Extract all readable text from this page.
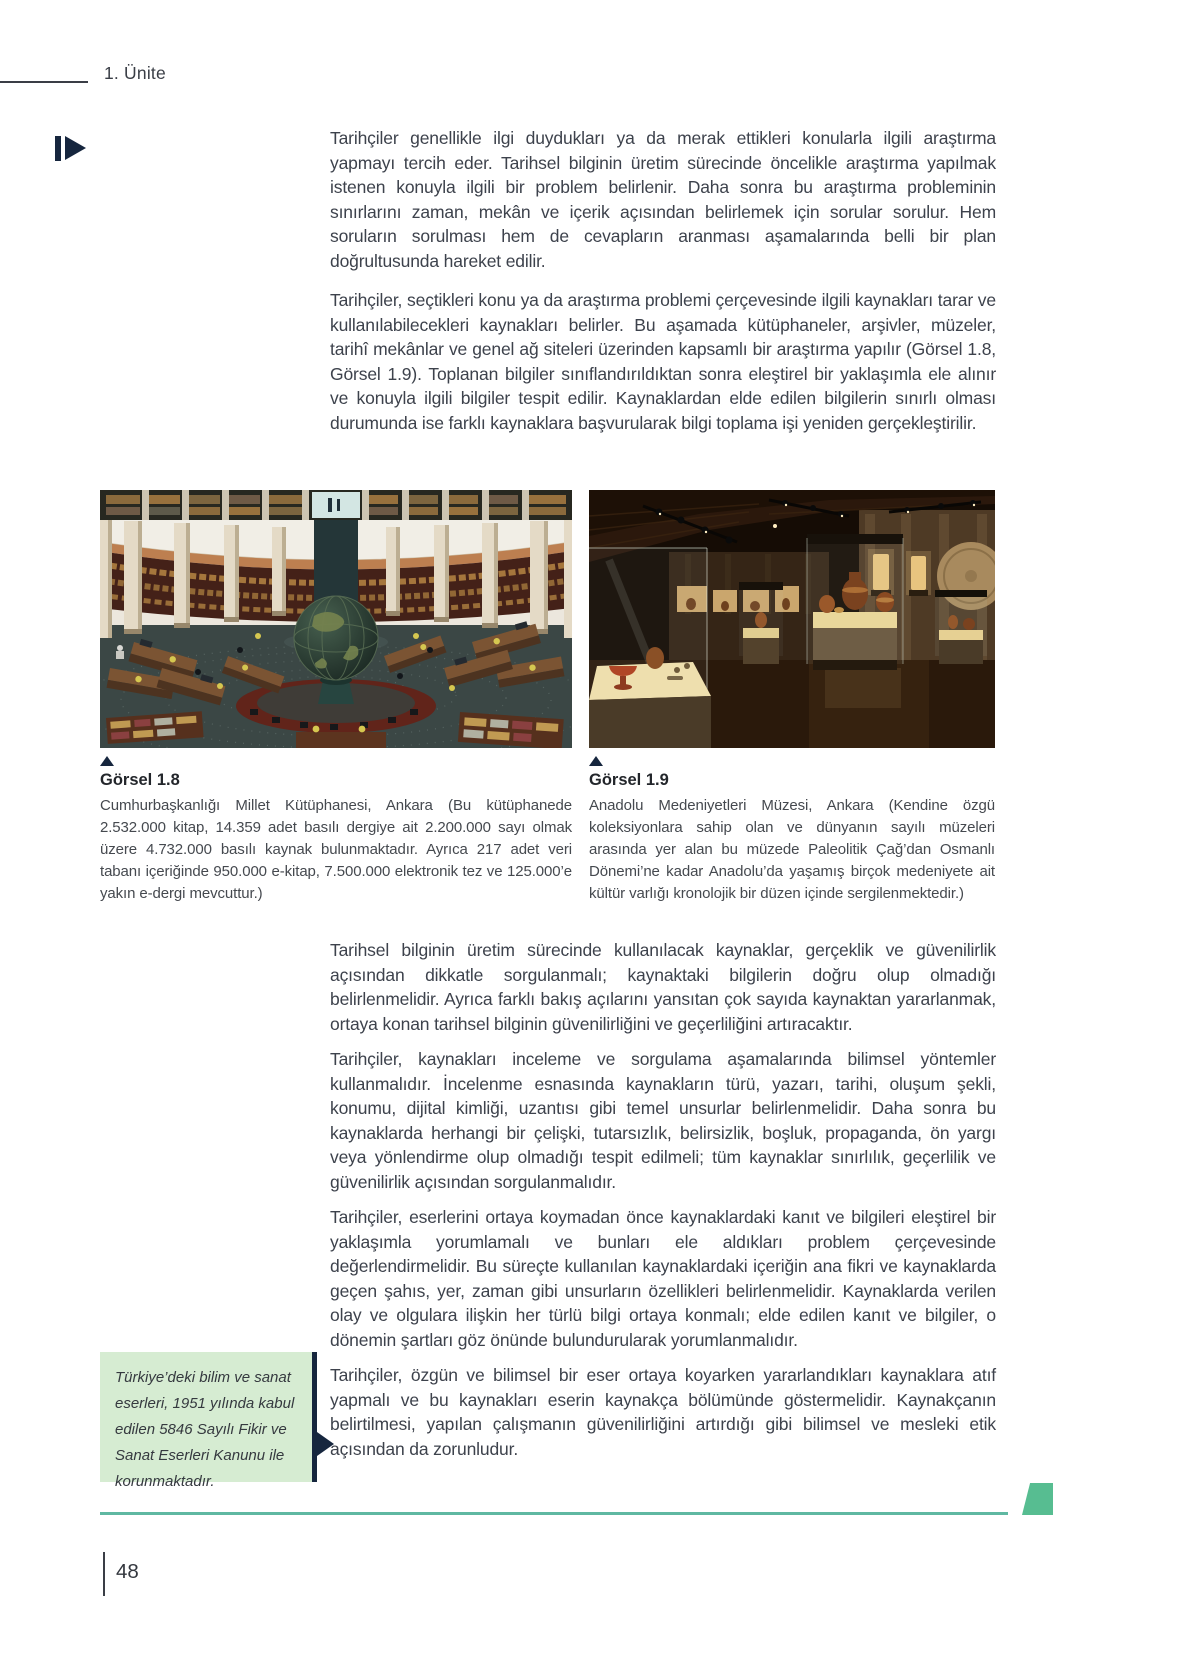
1. Ünite

Tarihçiler genellikle ilgi duydukları ya da merak ettikleri konularla ilgili araştırma yapmayı tercih eder. Tarihsel bilginin üretim sürecinde öncelikle araştırma yapılmak istenen konuyla ilgili bir problem belirlenir. Daha sonra bu araştırma probleminin sınırlarını zaman, mekân ve içerik açısından belirlemek için sorular sorulur. Hem soruların sorulması hem de cevapların aranması aşamalarında belli bir plan doğrultusunda hareket edilir.

Tarihçiler, seçtikleri konu ya da araştırma problemi çerçevesinde ilgili kaynakları tarar ve kullanılabilecekleri kaynakları belirler. Bu aşamada kütüphaneler, arşivler, müzeler, tarihî mekânlar ve genel ağ siteleri üzerinden kapsamlı bir araştırma yapılır (Görsel 1.8, Görsel 1.9). Toplanan bilgiler sınıflandırıldıktan sonra eleştirel bir yaklaşımla ele alınır ve konuyla ilgili bilgiler tespit edilir. Kaynaklardan elde edilen bilgilerin sınırlı olması durumunda ise farklı kaynaklara başvurularak bilgi toplama işi yeniden gerçekleştirilir.

Görsel 1.8

Cumhurbaşkanlığı Millet Kütüphanesi, Ankara (Bu kütüphanede 2.532.000 kitap, 14.359 adet basılı dergiye ait 2.200.000 sayı olmak üzere 4.732.000 basılı kaynak bulunmaktadır. Ayrıca 217 adet veri tabanı içeriğinde 950.000 e-kitap, 7.500.000 elektronik tez ve 125.000’e yakın e-dergi mevcuttur.)

Görsel 1.9

Anadolu Medeniyetleri Müzesi, Ankara (Kendine özgü koleksiyonlara sahip olan ve dünyanın sayılı müzeleri arasında yer alan bu müzede Paleolitik Çağ’dan Osmanlı Dönemi’ne kadar Anadolu’da yaşamış birçok medeniyete ait kültür varlığı kronolojik bir düzen içinde sergilenmektedir.)

Tarihsel bilginin üretim sürecinde kullanılacak kaynaklar, gerçeklik ve güvenilirlik açısından dikkatle sorgulanmalı; kaynaktaki bilgilerin doğru olup olmadığı belirlenmelidir. Ayrıca farklı bakış açılarını yansıtan çok sayıda kaynaktan yararlanmak, ortaya konan tarihsel bilginin güvenilirliğini ve geçerliliğini artıracaktır.

Tarihçiler, kaynakları inceleme ve sorgulama aşamalarında bilimsel yöntemler kullanmalıdır. İncelenme esnasında kaynakların türü, yazarı, tarihi, oluşum şekli, konumu, dijital kimliği, uzantısı gibi temel unsurlar belirlenmelidir. Daha sonra bu kaynaklarda herhangi bir çelişki, tutarsızlık, belirsizlik, boşluk, propaganda, ön yargı veya yönlendirme olup olmadığı tespit edilmeli; tüm kaynaklar sınırlılık, geçerlilik ve güvenilirlik açısından sorgulanmalıdır.

Tarihçiler, eserlerini ortaya koymadan önce kaynaklardaki kanıt ve bilgileri eleştirel bir yaklaşımla yorumlamalı ve bunları ele aldıkları problem çerçevesinde değerlendirmelidir. Bu süreçte kullanılan kaynaklardaki içeriğin ana fikri ve kaynaklarda geçen şahıs, yer, zaman gibi unsurların özellikleri belirlenmelidir. Kaynaklarda verilen olay ve olgulara ilişkin her türlü bilgi ortaya konmalı; elde edilen kanıt ve bilgiler, o dönemin şartları göz önünde bulundurularak yorumlanmalıdır.

Tarihçiler, özgün ve bilimsel bir eser ortaya koyarken yararlandıkları kaynaklara atıf yapmalı ve bu kaynakları eserin kaynakça bölümünde göstermelidir. Kaynakçanın belirtilmesi, yapılan çalışmanın güvenilirliğini artırdığı gibi bilimsel ve mesleki etik açısından da zorunludur.

Türkiye’deki bilim ve sanat eserleri, 1951 yılında kabul edilen 5846 Sayılı Fikir ve Sanat Eserleri Kanunu ile korunmaktadır.

48
